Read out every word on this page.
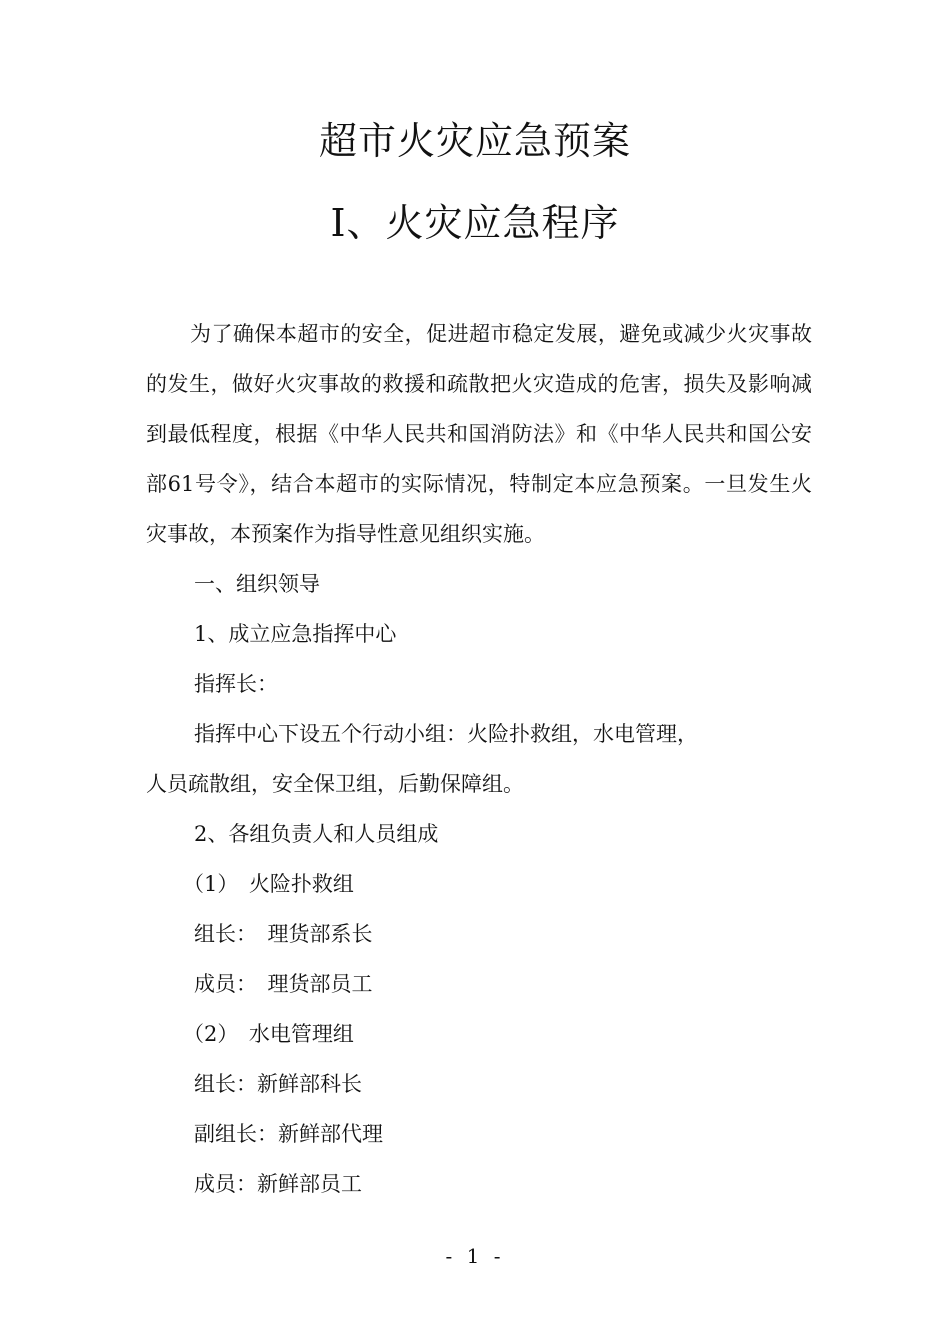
超市火灾应急预案
Ⅰ、火灾应急程序

为了确保本超市的安全，促进超市稳定发展，避免或减少火灾事故的发生，做好火灾事故的救援和疏散把火灾造成的危害，损失及影响减到最低程度，根据《中华人民共和国消防法》和《中华人民共和国公安部61号令》，结合本超市的实际情况，特制定本应急预案。一旦发生火灾事故，本预案作为指导性意见组织实施。

一、组织领导

1、成立应急指挥中心

指挥长：

指挥中心下设五个行动小组：火险扑救组，水电管理，

人员疏散组，安全保卫组，后勤保障组。

2、各组负责人和人员组成

（1）　火险扑救组

组长：　理货部系长

成员：　理货部员工

（2）　水电管理组

组长：新鲜部科长

副组长：新鲜部代理

成员：新鲜部员工

- 1 -
